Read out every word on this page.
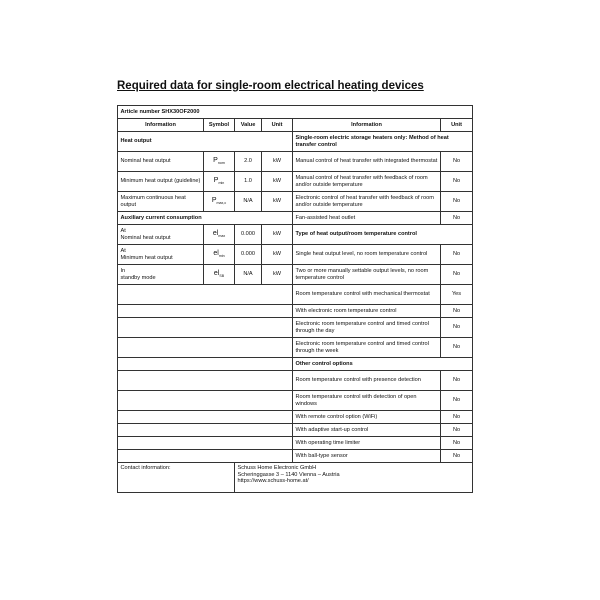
Required data for single-room electrical heating devices
Article number SHX30OF2000					
Information	Symbol	Value	Unit	Information	Unit
Heat output				Single-room electric storage heaters only: Method of heat transfer control	
Nominal heat output	$P_{nom}$	2.0	kW	Manual control of heat transfer with integrated thermostat	No
Minimum heat output (guideline)	$P_{min}$	1.0	kW	Manual control of heat transfer with feedback of room and/or outside temperature	No
Maximum continuous heat output	$P_{max,c}$	N/A	kW	Electronic control of heat transfer with feedback of room and/or outside temperature	No
Auxiliary current consumption				Fan-assisted heat outlet	No
At
Nominal heat output	$el_{max}$	0.000	kW	Type of heat output/room temperature control	
At
Minimum heat output	$el_{min}$	0.000	kW	Single heat output level, no room temperature control	No
In
standby mode	$el_{SB}$	N/A	kW	Two or more manually settable output levels, no room temperature control	No
				Room temperature control with mechanical thermostat	Yes
				With electronic room temperature control	No
				Electronic room temperature control and timed control through the day	No
				Electronic room temperature control and timed control through the week	No
				Other control options	
				Room temperature control with presence detection	No
				Room temperature control with detection of open windows	No
				With remote control option (WiFi)	No
				With adaptive start-up control	No
				With operating time limiter	No
				With ball-type sensor	No
Contact information:		Schuss Home Electronic GmbH
Scheringgasse 3 – 1140 Vienna – Austria
https://www.schuss-home.at/			
